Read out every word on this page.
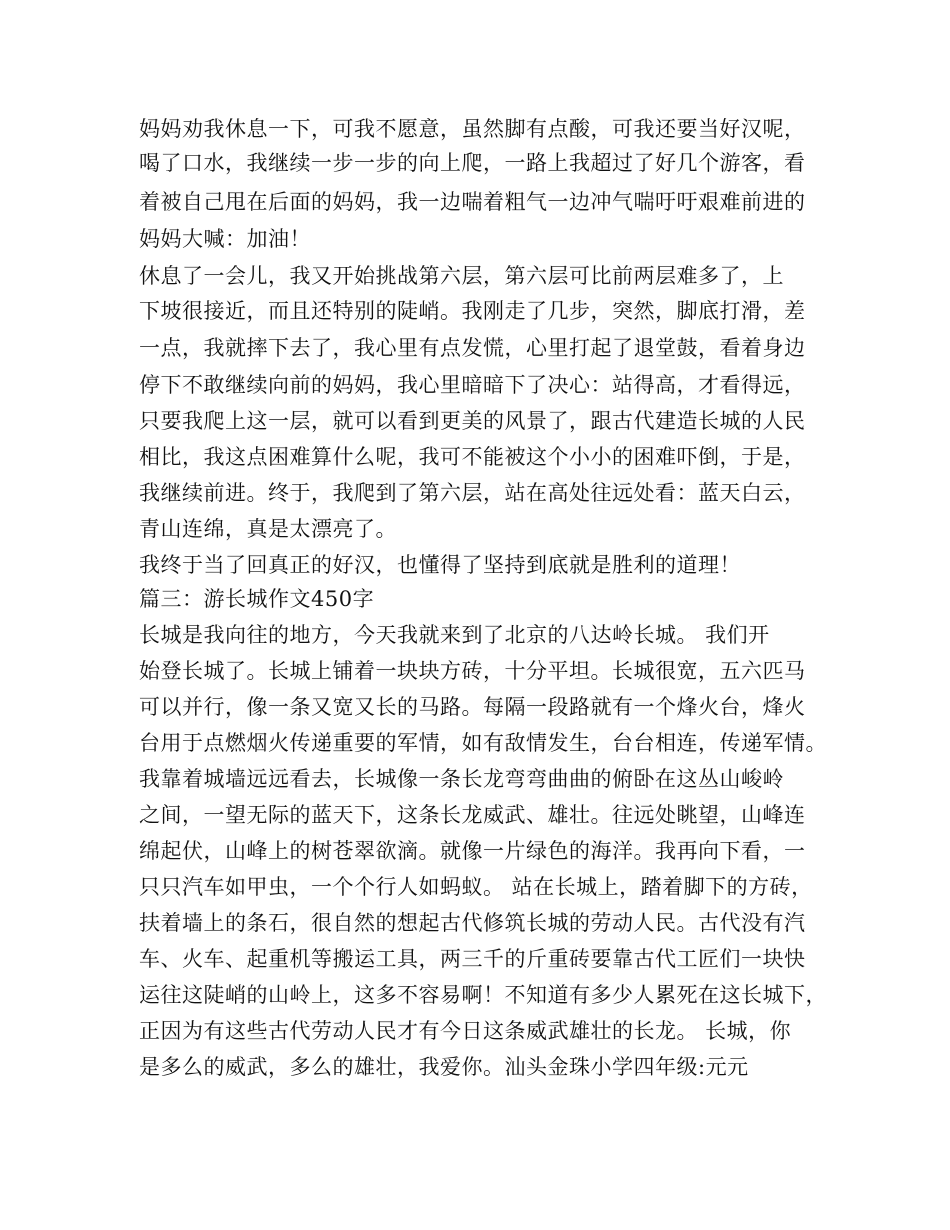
妈妈劝我休息一下，可我不愿意，虽然脚有点酸，可我还要当好汉呢，
喝了口水，我继续一步一步的向上爬，一路上我超过了好几个游客，看
着被自己甩在后面的妈妈，我一边喘着粗气一边冲气喘吁吁艰难前进的
妈妈大喊：加油！
休息了一会儿，我又开始挑战第六层，第六层可比前两层难多了，上
下坡很接近，而且还特别的陡峭。我刚走了几步，突然，脚底打滑，差
一点，我就摔下去了，我心里有点发慌，心里打起了退堂鼓，看着身边
停下不敢继续向前的妈妈，我心里暗暗下了决心：站得高，才看得远，
只要我爬上这一层，就可以看到更美的风景了，跟古代建造长城的人民
相比，我这点困难算什么呢，我可不能被这个小小的困难吓倒，于是，
我继续前进。终于，我爬到了第六层，站在高处往远处看：蓝天白云，
青山连绵，真是太漂亮了。
我终于当了回真正的好汉，也懂得了坚持到底就是胜利的道理！
篇三：游长城作文450字
长城是我向往的地方，今天我就来到了北京的八达岭长城。 我们开
始登长城了。长城上铺着一块块方砖，十分平坦。长城很宽，五六匹马
可以并行，像一条又宽又长的马路。每隔一段路就有一个烽火台，烽火
台用于点燃烟火传递重要的军情，如有敌情发生，台台相连，传递军情。
我靠着城墙远远看去，长城像一条长龙弯弯曲曲的俯卧在这丛山峻岭
之间，一望无际的蓝天下，这条长龙威武、雄壮。往远处眺望，山峰连
绵起伏，山峰上的树苍翠欲滴。就像一片绿色的海洋。我再向下看，一
只只汽车如甲虫，一个个行人如蚂蚁。 站在长城上，踏着脚下的方砖，
扶着墙上的条石，很自然的想起古代修筑长城的劳动人民。古代没有汽
车、火车、起重机等搬运工具，两三千的斤重砖要靠古代工匠们一块快
运往这陡峭的山岭上，这多不容易啊！不知道有多少人累死在这长城下，
正因为有这些古代劳动人民才有今日这条威武雄壮的长龙。 长城，你
是多么的威武，多么的雄壮，我爱你。汕头金珠小学四年级:元元
